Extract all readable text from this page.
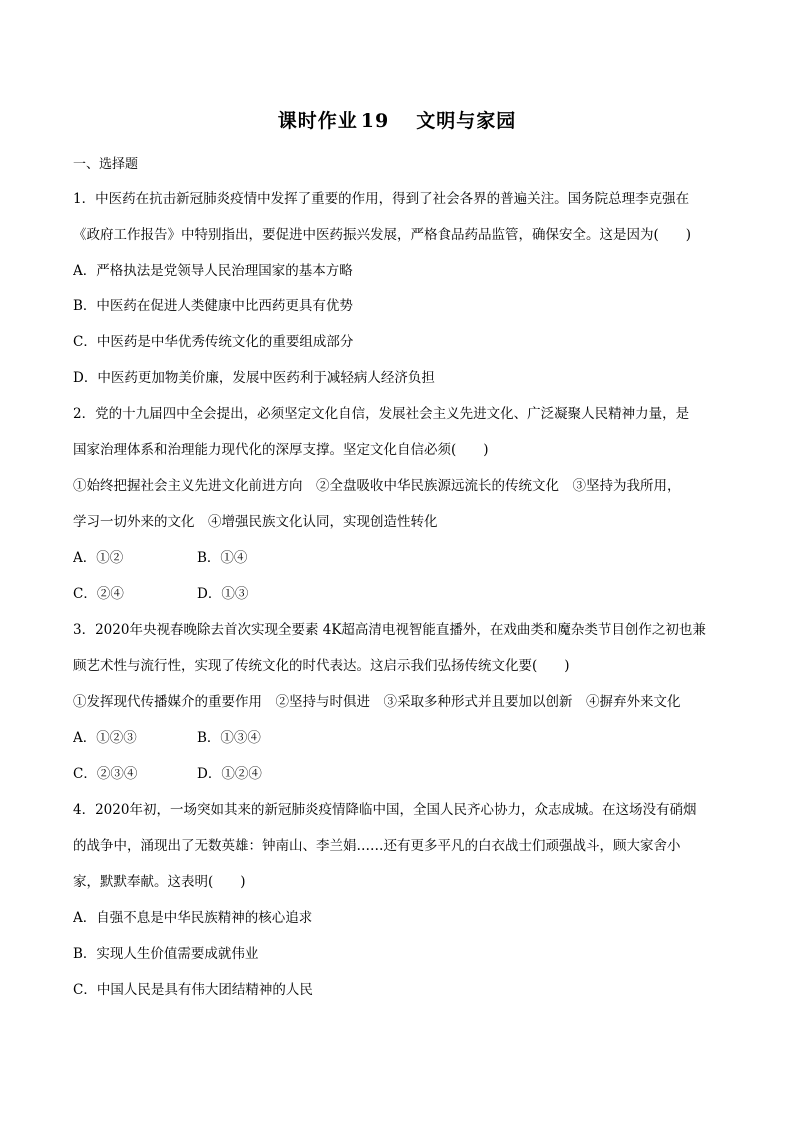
课时作业 19 文明与家园
一、选择题
1．中医药在抗击新冠肺炎疫情中发挥了重要的作用，得到了社会各界的普遍关注。国务院总理李克强在
《政府工作报告》中特别指出，要促进中医药振兴发展，严格食品药品监管，确保安全。这是因为(　　)
A．严格执法是党领导人民治理国家的基本方略
B．中医药在促进人类健康中比西药更具有优势
C．中医药是中华优秀传统文化的重要组成部分
D．中医药更加物美价廉，发展中医药利于减轻病人经济负担
2．党的十九届四中全会提出，必须坚定文化自信，发展社会主义先进文化、广泛凝聚人民精神力量，是
国家治理体系和治理能力现代化的深厚支撑。坚定文化自信必须(　　)
①始终把握社会主义先进文化前进方向　②全盘吸收中华民族源远流长的传统文化　③坚持为我所用，
学习一切外来的文化　④增强民族文化认同，实现创造性转化
A．①②	B．①④
C．②④	D．①③
3．2020年央视春晚除去首次实现全要素 4K超高清电视智能直播外，在戏曲类和魔杂类节目创作之初也兼
顾艺术性与流行性，实现了传统文化的时代表达。这启示我们弘扬传统文化要(　　)
①发挥现代传播媒介的重要作用　②坚持与时俱进　③采取多种形式并且要加以创新　④摒弃外来文化
A．①②③	B．①③④
C．②③④	D．①②④
4．2020年初，一场突如其来的新冠肺炎疫情降临中国，全国人民齐心协力，众志成城。在这场没有硝烟
的战争中，涌现出了无数英雄：钟南山、李兰娟……还有更多平凡的白衣战士们顽强战斗，顾大家舍小
家，默默奉献。这表明(　　)
A．自强不息是中华民族精神的核心追求
B．实现人生价值需要成就伟业
C．中国人民是具有伟大团结精神的人民
